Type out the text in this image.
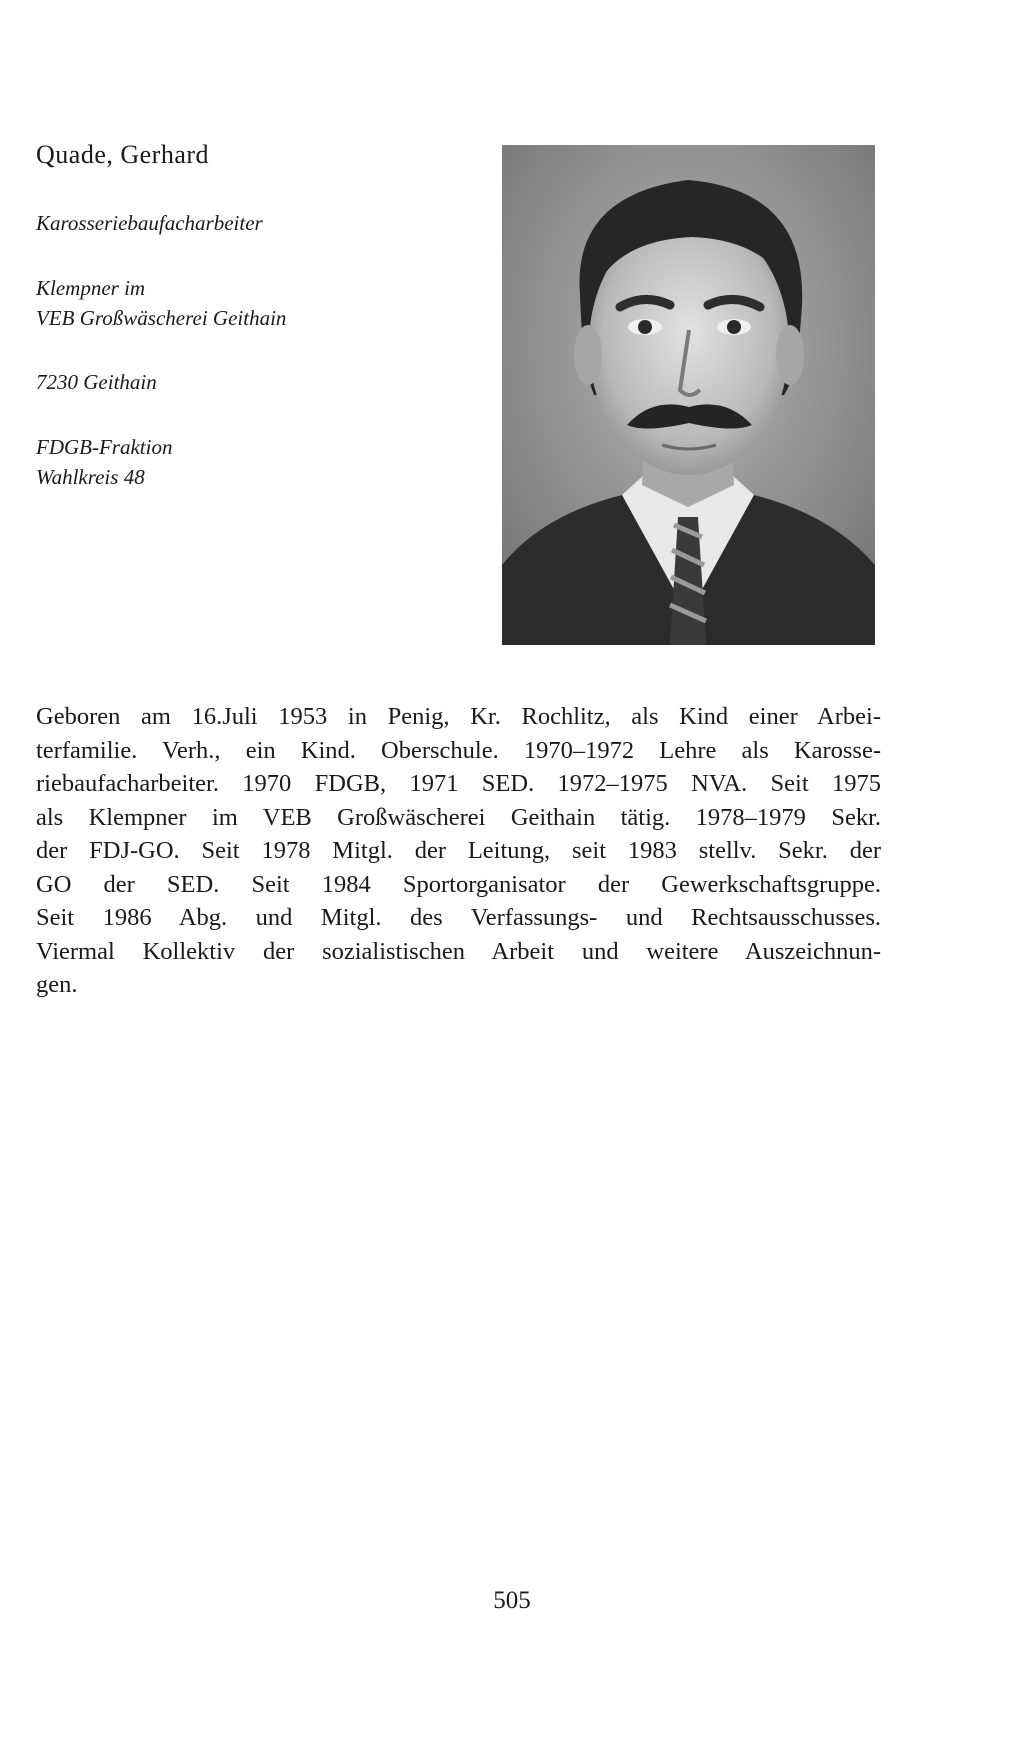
Quade, Gerhard
Karosseriebaufacharbeiter
Klempner im
VEB Großwäscherei Geithain
7230 Geithain
FDGB-Fraktion
Wahlkreis 48
Geboren am 16.Juli 1953 in Penig, Kr. Rochlitz, als Kind einer Arbei-
terfamilie. Verh., ein Kind. Oberschule. 1970–1972 Lehre als Karosse-
riebaufacharbeiter. 1970 FDGB, 1971 SED. 1972–1975 NVA. Seit 1975
als Klempner im VEB Großwäscherei Geithain tätig. 1978–1979 Sekr.
der FDJ-GO. Seit 1978 Mitgl. der Leitung, seit 1983 stellv. Sekr. der
GO der SED. Seit 1984 Sportorganisator der Gewerkschaftsgruppe.
Seit 1986 Abg. und Mitgl. des Verfassungs- und Rechtsausschusses.
Viermal Kollektiv der sozialistischen Arbeit und weitere Auszeichnun-
gen.

505
